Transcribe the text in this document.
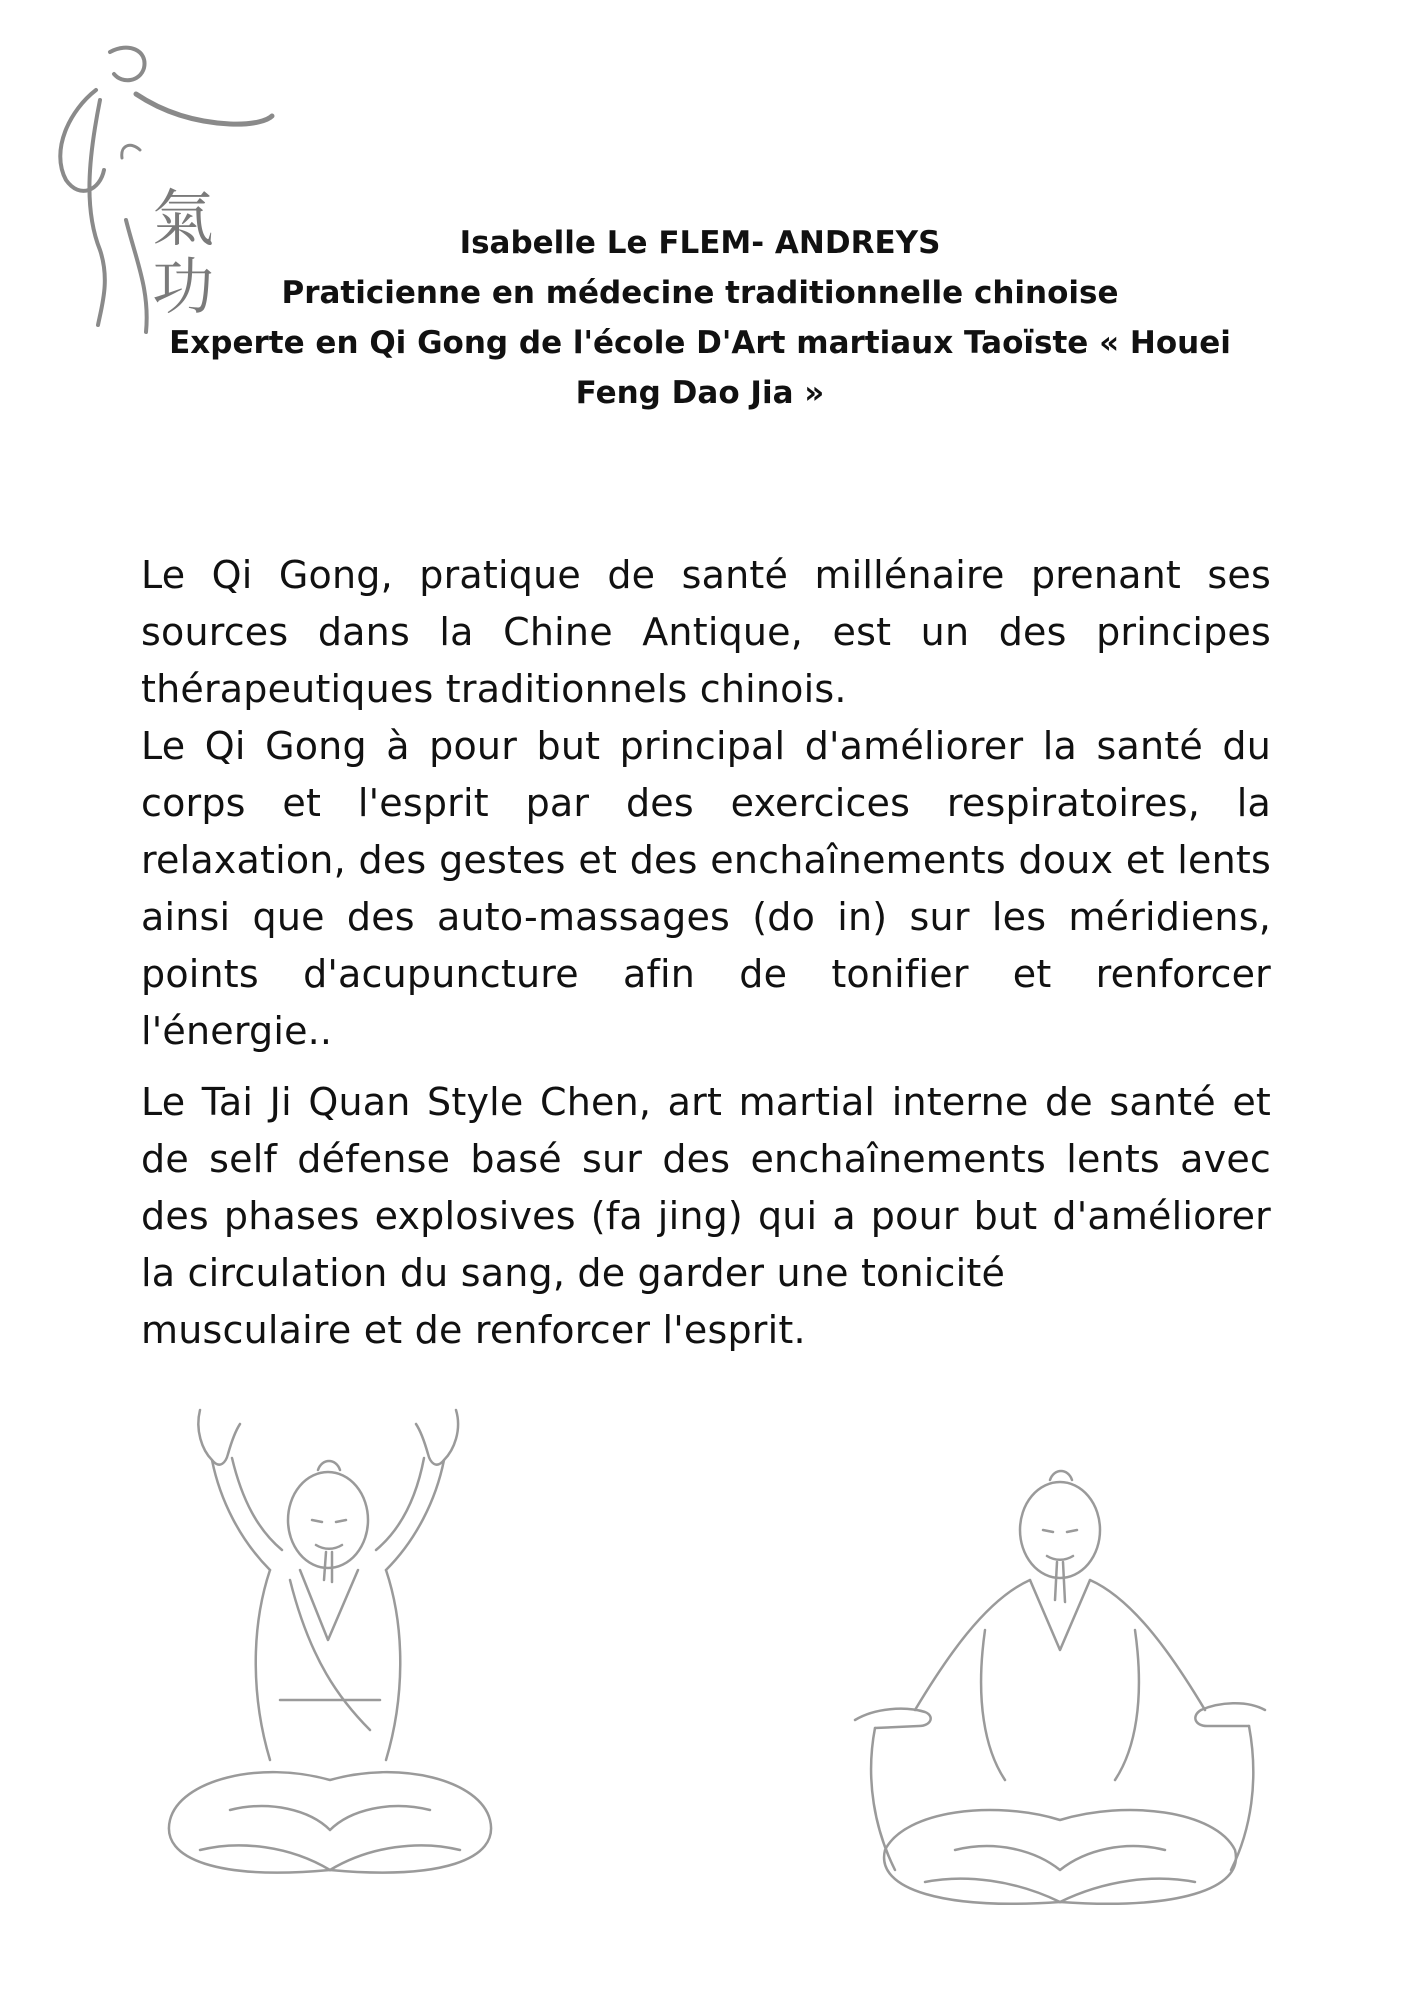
氣
功
Isabelle Le FLEM- ANDREYS
Praticienne en médecine traditionnelle chinoise
Experte en Qi Gong de l'école D'Art martiaux Taoïste « Houei
Feng Dao Jia »

Le Qi Gong, pratique de santé millénaire prenant ses sources dans la Chine Antique, est un des principes thérapeutiques traditionnels chinois.

Le Qi Gong à pour but principal d'améliorer la santé du corps et l'esprit par des exercices respiratoires, la relaxation, des gestes et des enchaînements doux et lents ainsi que des auto-massages (do in) sur les méridiens, points d'acupuncture afin de tonifier et renforcer l'énergie..

Le Tai Ji Quan Style Chen, art martial interne de santé et de self défense basé sur des enchaînements lents avec des phases explosives (fa jing) qui a pour but d'améliorer la circulation du sang, de garder une tonicité

musculaire et de renforcer l'esprit.
